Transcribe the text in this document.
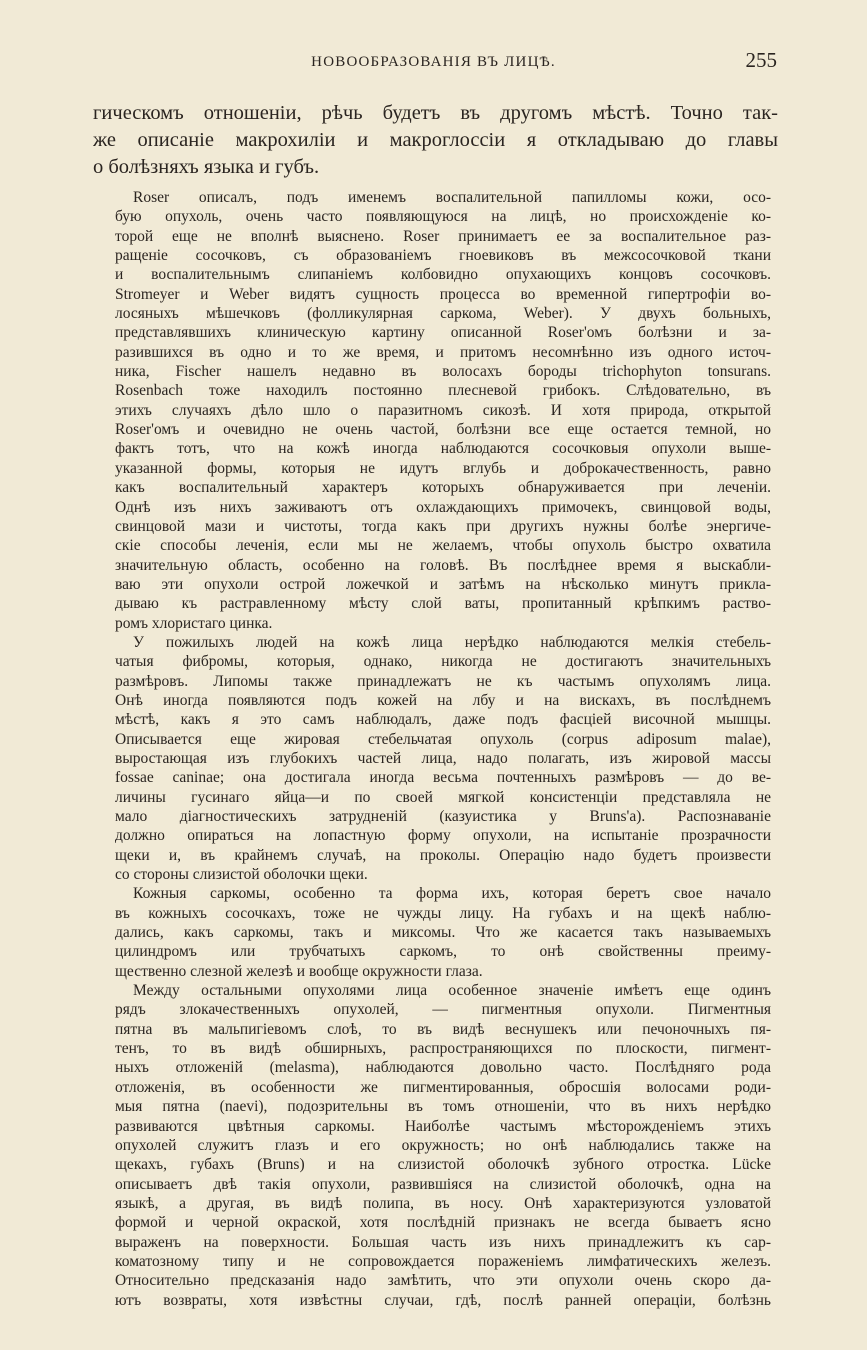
НОВООБРАЗОВАНІЯ ВЪ ЛИЦѢ.	255
гическомъ отношеніи, рѣчь будетъ въ другомъ мѣстѣ. Точно так-
же описаніе макрохиліи и макроглоссіи я откладываю до главы
о болѣзняхъ языка и губъ.
Roser описалъ, подъ именемъ воспалительной папилломы кожи, осо-
бую опухоль, очень часто появляющуюся на лицѣ, но происхожденіе ко-
торой еще не вполнѣ выяснено. Roser принимаетъ ее за воспалительное раз-
ращеніе сосочковъ, съ образованіемъ гноевиковъ въ межсосочковой ткани
и воспалительнымъ слипаніемъ колбовидно опухающихъ концовъ сосочковъ.
Stromeyer и Weber видятъ сущность процесса во временной гипертрофіи во-
лосяныхъ мѣшечковъ (фолликулярная саркома, Weber). У двухъ больныхъ,
представлявшихъ клиническую картину описанной Roser'омъ болѣзни и за-
разившихся въ одно и то же время, и притомъ несомнѣнно изъ одного источ-
ника, Fischer нашелъ недавно въ волосахъ бороды trichophyton tonsurans.
Rosenbach тоже находилъ постоянно плесневой грибокъ. Слѣдовательно, въ
этихъ случаяхъ дѣло шло о паразитномъ сикозѣ. И хотя природа, открытой
Roser'омъ и очевидно не очень частой, болѣзни все еще остается темной, но
фактъ тотъ, что на кожѣ иногда наблюдаются сосочковыя опухоли выше-
указанной формы, которыя не идутъ вглубь и доброкачественность, равно
какъ воспалительный характеръ которыхъ обнаруживается при леченіи.
Однѣ изъ нихъ заживаютъ отъ охлаждающихъ примочекъ, свинцовой воды,
свинцовой мази и чистоты, тогда какъ при другихъ нужны болѣе энергиче-
скіе способы леченія, если мы не желаемъ, чтобы опухоль быстро охватила
значительную область, особенно на головѣ. Въ послѣднее время я выскабли-
ваю эти опухоли острой ложечкой и затѣмъ на нѣсколько минутъ прикла-
дываю къ растравленному мѣсту слой ваты, пропитанный крѣпкимъ раство-
ромъ хлористаго цинка.
У пожилыхъ людей на кожѣ лица нерѣдко наблюдаются мелкія стебель-
чатыя фибромы, которыя, однако, никогда не достигаютъ значительныхъ
размѣровъ. Липомы также принадлежатъ не къ частымъ опухолямъ лица.
Онѣ иногда появляются подъ кожей на лбу и на вискахъ, въ послѣднемъ
мѣстѣ, какъ я это самъ наблюдалъ, даже подъ фасціей височной мышцы.
Описывается еще жировая стебельчатая опухоль (corpus adiposum malae),
выростающая изъ глубокихъ частей лица, надо полагать, изъ жировой массы
fossae caninae; она достигала иногда весьма почтенныхъ размѣровъ — до ве-
личины гусинаго яйца—и по своей мягкой консистенціи представляла не
мало діагностическихъ затрудненій (казуистика у Bruns'а). Распознаваніе
должно опираться на лопастную форму опухоли, на испытаніе прозрачности
щеки и, въ крайнемъ случаѣ, на проколы. Операцію надо будетъ произвести
со стороны слизистой оболочки щеки.
Кожныя саркомы, особенно та форма ихъ, которая беретъ свое начало
въ кожныхъ сосочкахъ, тоже не чужды лицу. На губахъ и на щекѣ наблю-
дались, какъ саркомы, такъ и миксомы. Что же касается такъ называемыхъ
цилиндромъ или трубчатыхъ саркомъ, то онѣ свойственны преиму-
щественно слезной железѣ и вообще окружности глаза.
Между остальными опухолями лица особенное значеніе имѣетъ еще одинъ
рядъ злокачественныхъ опухолей, — пигментныя опухоли. Пигментныя
пятна въ мальпигіевомъ слоѣ, то въ видѣ веснушекъ или печоночныхъ пя-
тенъ, то въ видѣ обширныхъ, распространяющихся по плоскости, пигмент-
ныхъ отложеній (melasma), наблюдаются довольно часто. Послѣдняго рода
отложенія, въ особенности же пигментированныя, обросшія волосами роди-
мыя пятна (naevi), подозрительны въ томъ отношеніи, что въ нихъ нерѣдко
развиваются цвѣтныя саркомы. Наиболѣе частымъ мѣсторожденіемъ этихъ
опухолей служитъ глазъ и его окружность; но онѣ наблюдались также на
щекахъ, губахъ (Bruns) и на слизистой оболочкѣ зубного отростка. Lücke
описываетъ двѣ такія опухоли, развившіяся на слизистой оболочкѣ, одна на
языкѣ, а другая, въ видѣ полипа, въ носу. Онѣ характеризуются узловатой
формой и черной окраской, хотя послѣдній признакъ не всегда бываетъ ясно
выраженъ на поверхности. Большая часть изъ нихъ принадлежитъ къ сар-
коматозному типу и не сопровождается пораженіемъ лимфатическихъ железъ.
Относительно предсказанія надо замѣтить, что эти опухоли очень скоро да-
ютъ возвраты, хотя извѣстны случаи, гдѣ, послѣ ранней операціи, болѣзнь
